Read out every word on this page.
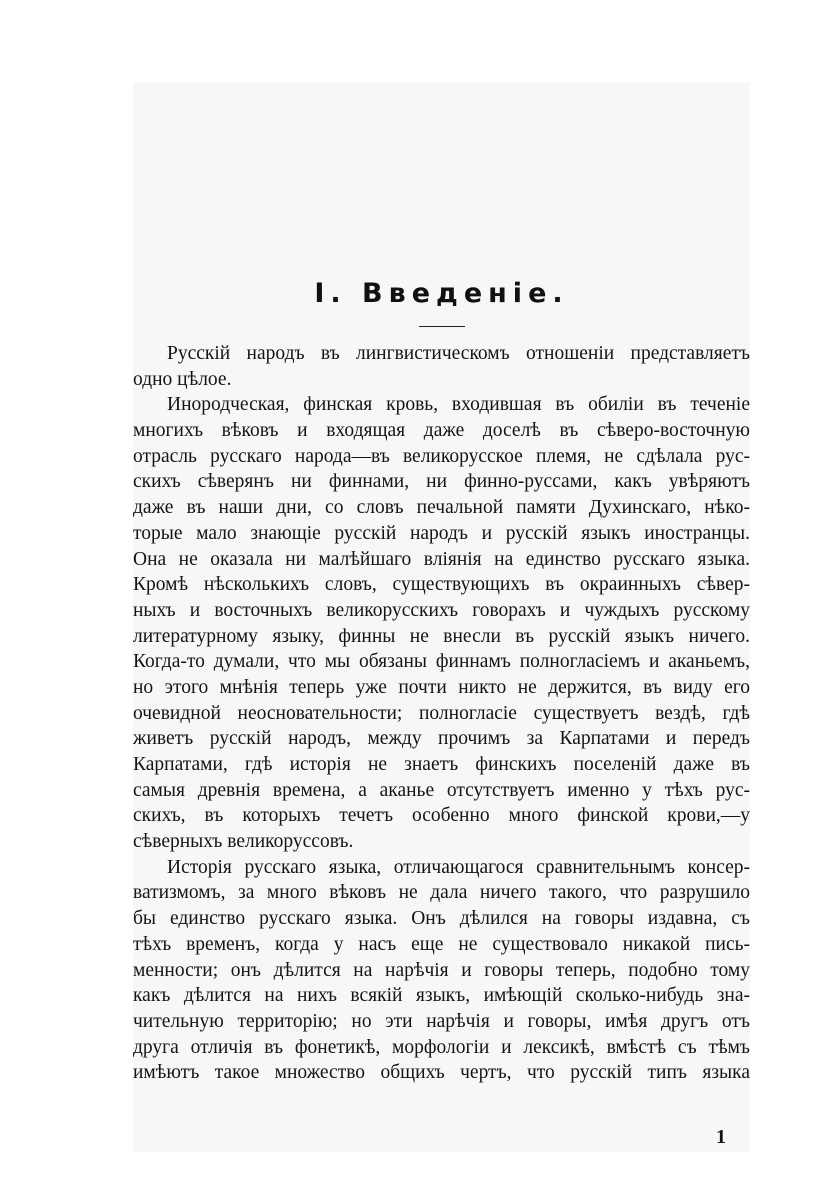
I. Введеніе.
Русскій народъ въ лингвистическомъ отношеніи представляетъ
одно цѣлое.
Инородческая, финская кровь, входившая въ обиліи въ теченіе
многихъ вѣковъ и входящая даже доселѣ въ сѣверо-восточную
отрасль русскаго народа—въ великорусское племя, не сдѣлала рус-
скихъ сѣверянъ ни финнами, ни финно-руссами, какъ увѣряютъ
даже въ наши дни, со словъ печальной памяти Духинскаго, нѣко-
торые мало знающіе русскій народъ и русскій языкъ иностранцы.
Она не оказала ни малѣйшаго вліянія на единство русскаго языка.
Кромѣ нѣсколькихъ словъ, существующихъ въ окраинныхъ сѣвер-
ныхъ и восточныхъ великорусскихъ говорахъ и чуждыхъ русскому
литературному языку, финны не внесли въ русскій языкъ ничего.
Когда-то думали, что мы обязаны финнамъ полногласіемъ и аканьемъ,
но этого мнѣнія теперь уже почти никто не держится, въ виду его
очевидной неосновательности; полногласіе существуетъ вездѣ, гдѣ
живетъ русскій народъ, между прочимъ за Карпатами и передъ
Карпатами, гдѣ исторія не знаетъ финскихъ поселеній даже въ
самыя древнія времена, а аканье отсутствуетъ именно у тѣхъ рус-
скихъ, въ которыхъ течетъ особенно много финской крови,—у
сѣверныхъ великоруссовъ.
Исторія русскаго языка, отличающагося сравнительнымъ консер-
ватизмомъ, за много вѣковъ не дала ничего такого, что разрушило
бы единство русскаго языка. Онъ дѣлился на говоры издавна, съ
тѣхъ временъ, когда у насъ еще не существовало никакой пись-
менности; онъ дѣлится на нарѣчія и говоры теперь, подобно тому
какъ дѣлится на нихъ всякій языкъ, имѣющій сколько-нибудь зна-
чительную территорію; но эти нарѣчія и говоры, имѣя другъ отъ
друга отличія въ фонетикѣ, морфологіи и лексикѣ, вмѣстѣ съ тѣмъ
имѣютъ такое множество общихъ чертъ, что русскій типъ языка
1
